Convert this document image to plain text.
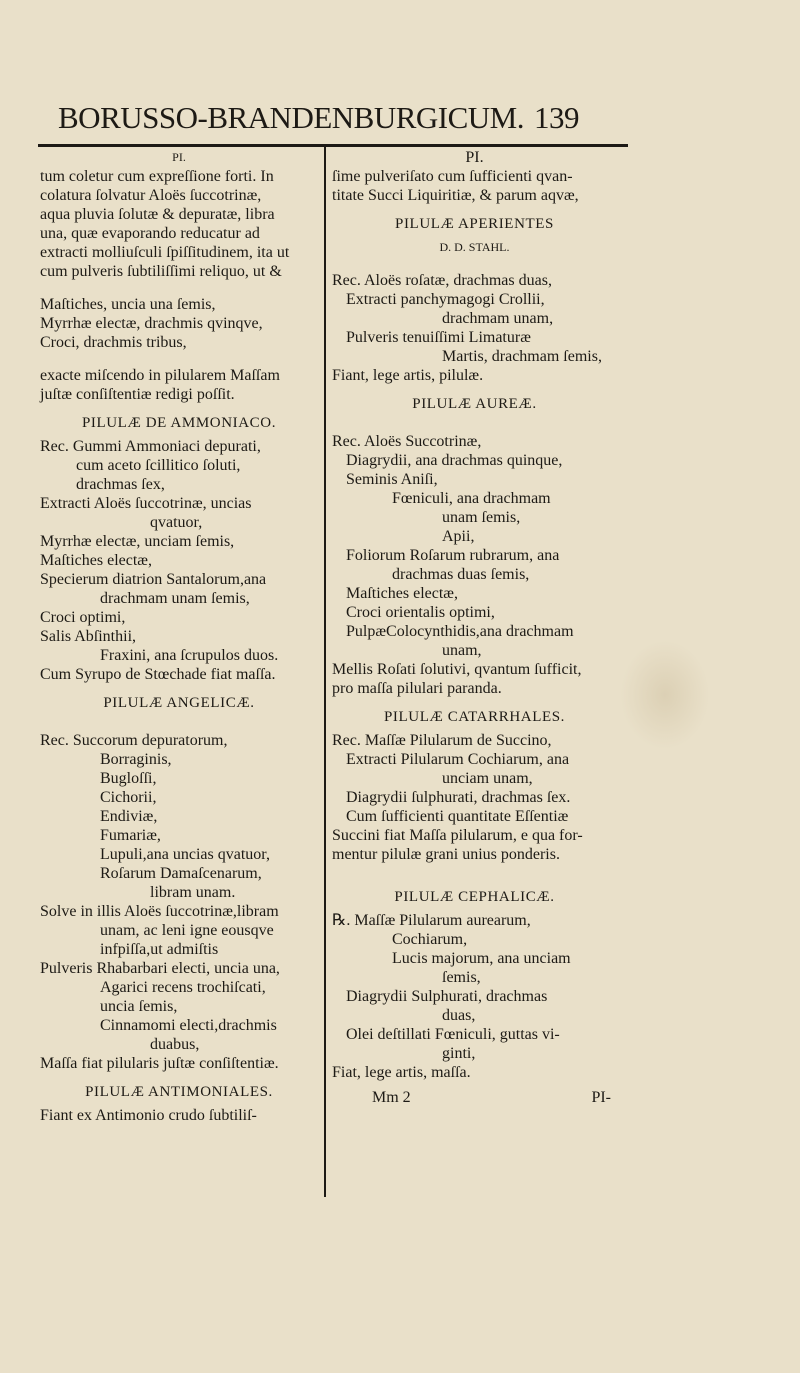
BORUSSO-BRANDENBURGICUM. 139
PI.
tum coletur cum expreſſione forti. In
colatura ſolvatur Aloës ſuccotrinæ,
aqua pluvia ſolutæ & depuratæ, libra
una, quæ evaporando reducatur ad
extracti molliuſculi ſpiſſitudinem, ita ut
cum pulveris ſubtiliſſimi reliquo, ut &
Maſtiches, uncia una ſemis,
Myrrhæ electæ, drachmis qvinqve,
Croci, drachmis tribus,
exacte miſcendo in pilularem Maſſam
juſtæ conſiſtentiæ redigi poſſit.
PILULÆ DE AMMONIACO.
Rec. Gummi Ammoniaci depurati,
cum aceto ſcillitico ſoluti,
drachmas ſex,
Extracti Aloës ſuccotrinæ, uncias
qvatuor,
Myrrhæ electæ, unciam ſemis,
Maſtiches electæ,
Specierum diatrion Santalorum,ana
drachmam unam ſemis,
Croci optimi,
Salis Abſinthii,
Fraxini, ana ſcrupulos duos.
Cum Syrupo de Stœchade fiat maſſa.
PILULÆ ANGELICÆ.
Rec. Succorum depuratorum,
Borraginis,
Bugloſſi,
Cichorii,
Endiviæ,
Fumariæ,
Lupuli,ana uncias qvatuor,
Roſarum Damaſcenarum,
libram unam.
Solve in illis Aloës ſuccotrinæ,libram
unam, ac leni igne eousqve
infpiſſa,ut admiſtis
Pulveris Rhabarbari electi, uncia una,
Agarici recens trochiſcati,
uncia ſemis,
Cinnamomi electi,drachmis
duabus,
Maſſa fiat pilularis juſtæ conſiſtentiæ.
PILULÆ ANTIMONIALES.
Fiant ex Antimonio crudo ſubtiliſ-
PI.
ſime pulveriſato cum ſufficienti qvan-
titate Succi Liquiritiæ, & parum aqvæ,
PILULÆ APERIENTES
D. D. STAHL.
Rec. Aloës roſatæ, drachmas duas,
Extracti panchymagogi Crollii,
drachmam unam,
Pulveris tenuiſſimi Limaturæ
Martis, drachmam ſemis,
Fiant, lege artis, pilulæ.
PILULÆ AUREÆ.
Rec. Aloës Succotrinæ,
Diagrydii, ana drachmas quinque,
Seminis Aniſi,
Fœniculi, ana drachmam
unam ſemis,
Apii,
Foliorum Roſarum rubrarum, ana
drachmas duas ſemis,
Maſtiches electæ,
Croci orientalis optimi,
PulpæColocynthidis,ana drachmam
unam,
Mellis Roſati ſolutivi, qvantum ſufficit,
pro maſſa pilulari paranda.
PILULÆ CATARRHALES.
Rec. Maſſæ Pilularum de Succino,
Extracti Pilularum Cochiarum, ana
unciam unam,
Diagrydii ſulphurati, drachmas ſex.
Cum ſufficienti quantitate Eſſentiæ
Succini fiat Maſſa pilularum, e qua for-
mentur pilulæ grani unius ponderis.
PILULÆ CEPHALICÆ.
℞. Maſſæ Pilularum aurearum,
Cochiarum,
Lucis majorum, ana unciam
ſemis,
Diagrydii Sulphurati, drachmas
duas,
Olei deſtillati Fœniculi, guttas vi-
ginti,
Fiat, lege artis, maſſa.
Mm 2	PI-
